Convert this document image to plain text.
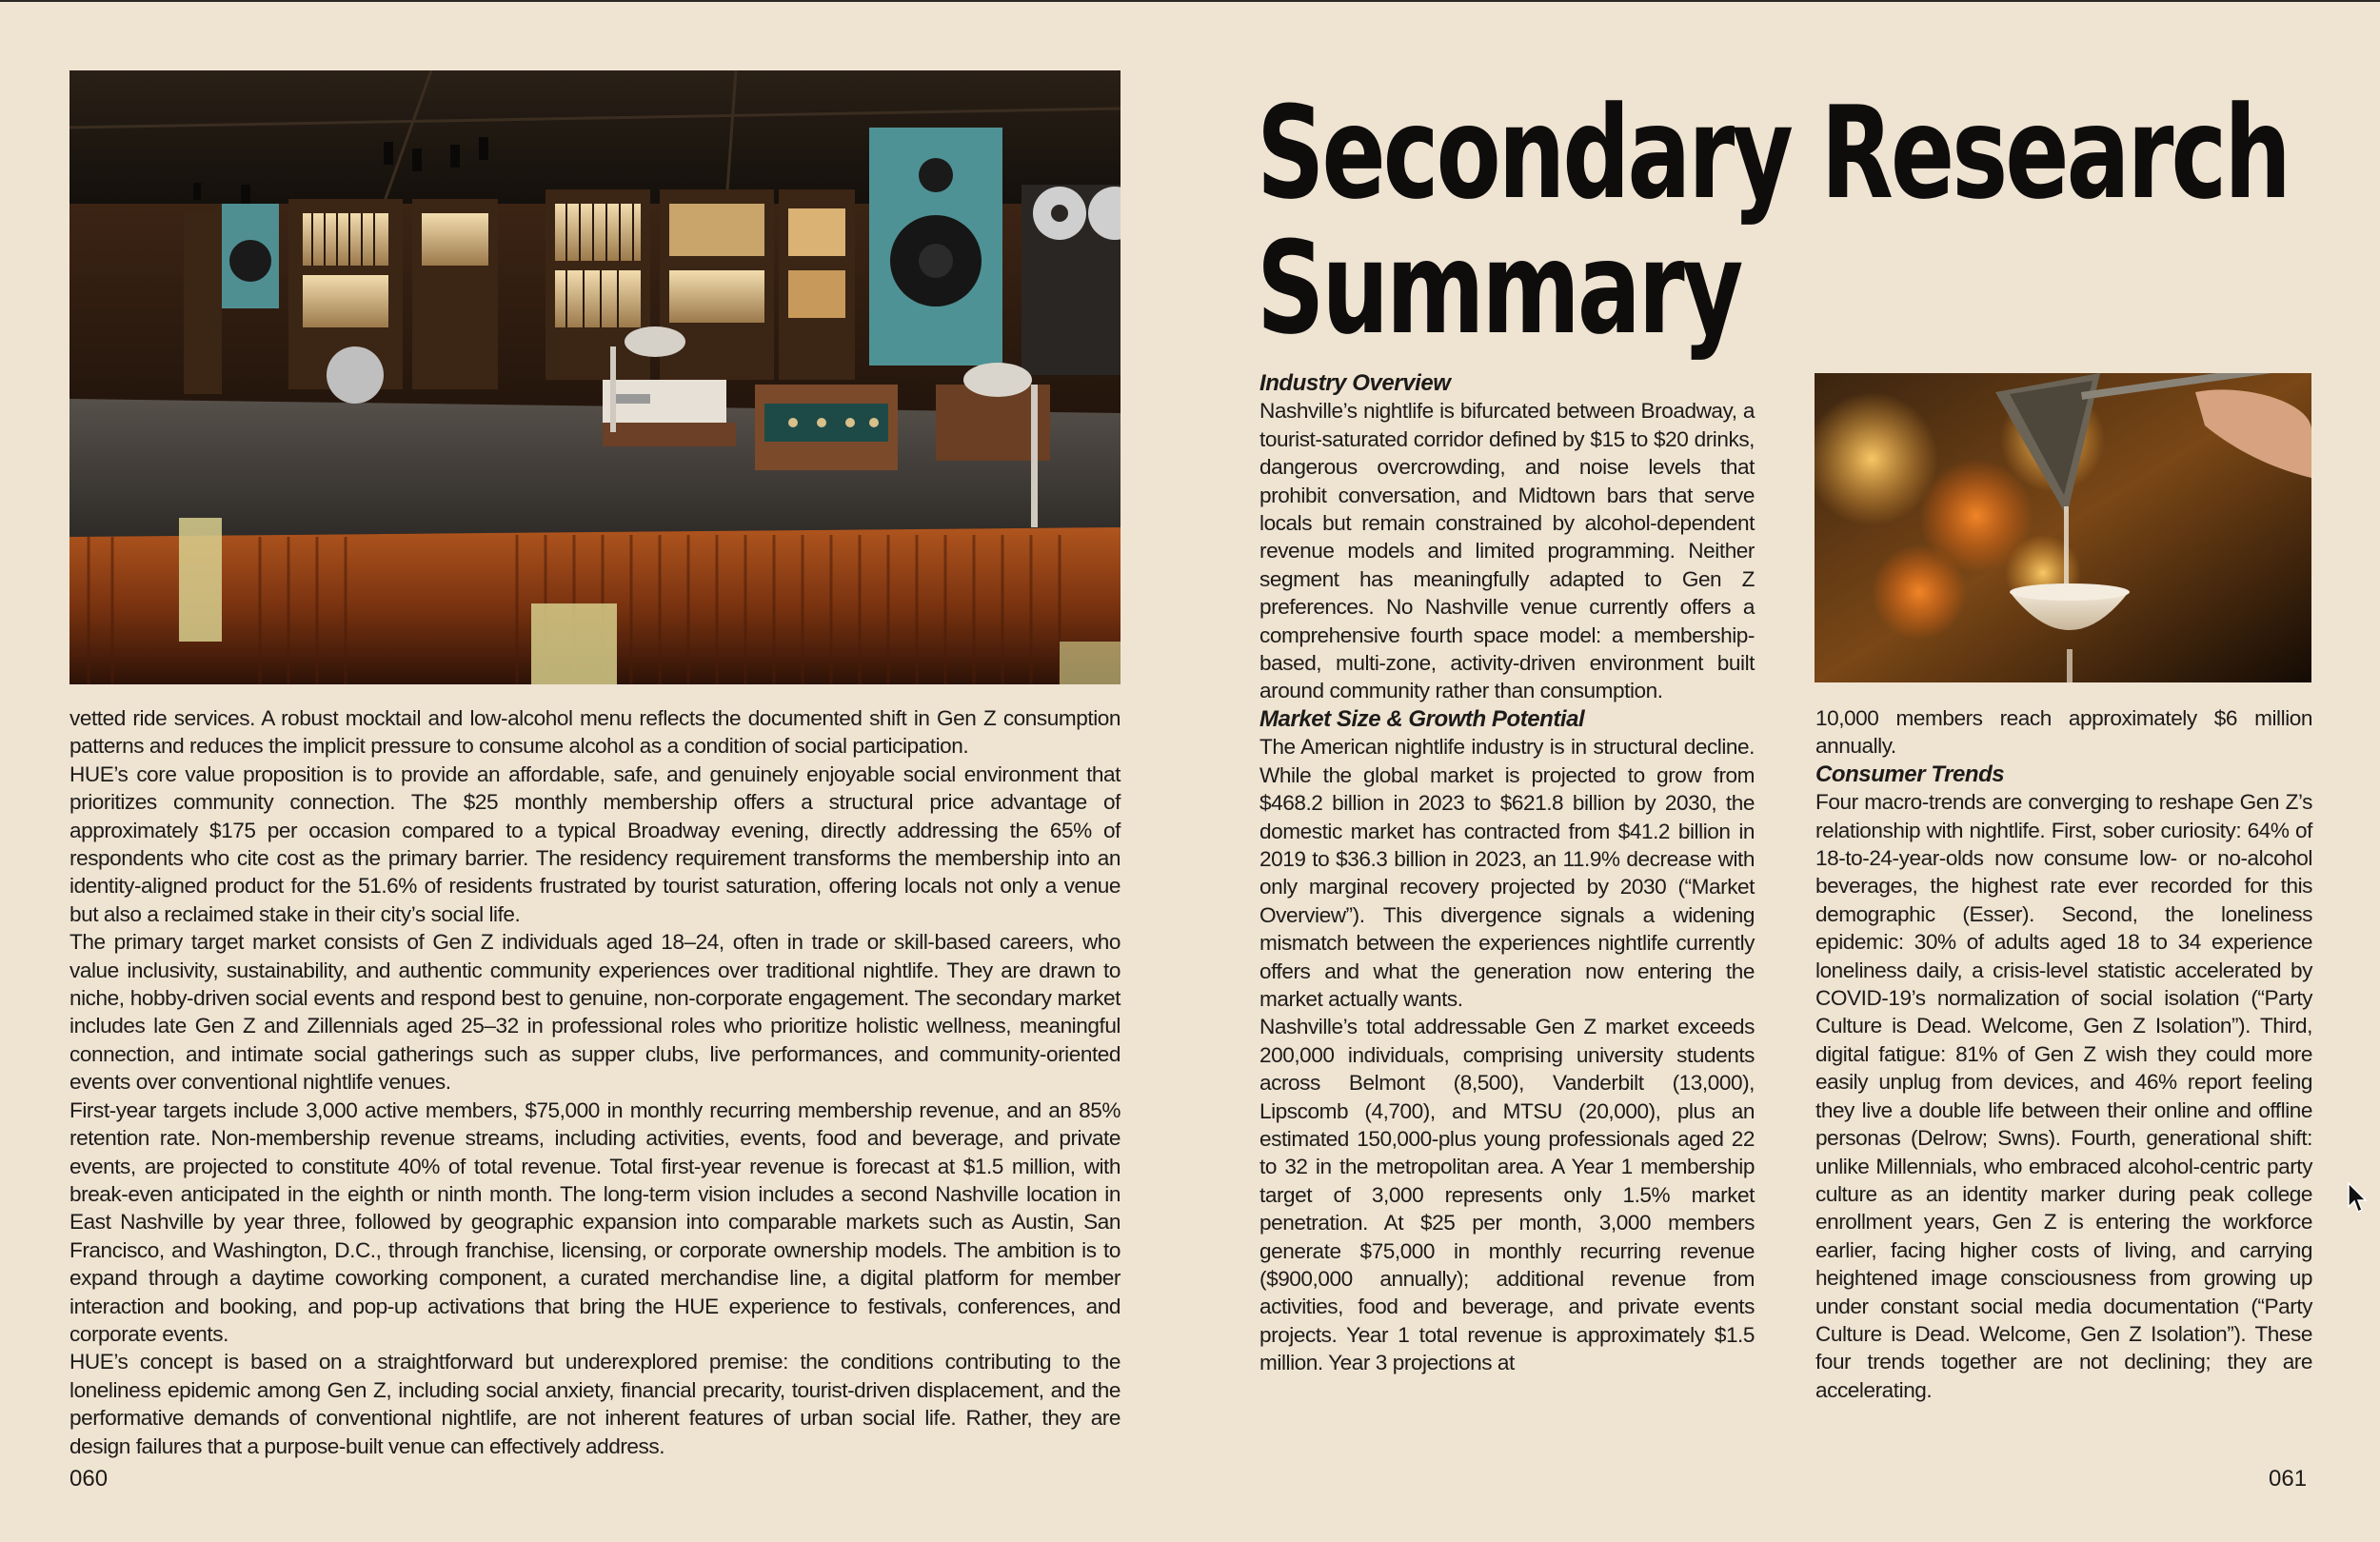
vetted ride services. A robust mocktail and low-alcohol menu reflects the documented shift in Gen Z consumption patterns and reduces the implicit pressure to consume alcohol as a condition of social participation.

HUE’s core value proposition is to provide an affordable, safe, and genuinely enjoyable social environment that prioritizes community connection. The $25 monthly membership offers a structural price advantage of approximately $175 per occasion compared to a typical Broadway evening, directly addressing the 65% of respondents who cite cost as the primary barrier. The residency requirement transforms the membership into an identity-aligned product for the 51.6% of residents frustrated by tourist saturation, offering locals not only a venue but also a reclaimed stake in their city’s social life.

The primary target market consists of Gen Z individuals aged 18–24, often in trade or skill-based careers, who value inclusivity, sustainability, and authentic community experiences over traditional nightlife. They are drawn to niche, hobby-driven social events and respond best to genuine, non-corporate engagement. The secondary market includes late Gen Z and Zillennials aged 25–32 in professional roles who prioritize holistic wellness, meaningful connection, and intimate social gatherings such as supper clubs, live performances, and community-oriented events over conventional nightlife venues.

First-year targets include 3,000 active members, $75,000 in monthly recurring membership revenue, and an 85% retention rate. Non-membership revenue streams, including activities, events, food and beverage, and private events, are projected to constitute 40% of total revenue. Total first-year revenue is forecast at $1.5 million, with break-even anticipated in the eighth or ninth month. The long-term vision includes a second Nashville location in East Nashville by year three, followed by geographic expansion into comparable markets such as Austin, San Francisco, and Washington, D.C., through franchise, licensing, or corporate ownership models. The ambition is to expand through a daytime coworking component, a curated merchandise line, a digital platform for member interaction and booking, and pop-up activations that bring the HUE experience to festivals, conferences, and corporate events.

HUE’s concept is based on a straightforward but underexplored premise: the conditions contributing to the loneliness epidemic among Gen Z, including social anxiety, financial precarity, tourist-driven displacement, and the performative demands of conventional nightlife, are not inherent features of urban social life. Rather, they are design failures that a purpose-built venue can effectively address.

060
Secondary Research
Summary
Industry Overview

Nashville’s nightlife is bifurcated between Broadway, a tourist-saturated corridor defined by $15 to $20 drinks, dangerous overcrowding, and noise levels that prohibit conversation, and Midtown bars that serve locals but remain constrained by alcohol-dependent revenue models and limited programming. Neither segment has meaningfully adapted to Gen Z preferences. No Nashville venue currently offers a comprehensive fourth space model: a membership-based, multi-zone, activity-driven environment built around community rather than consumption.

Market Size & Growth Potential

The American nightlife industry is in structural decline. While the global market is projected to grow from $468.2 billion in 2023 to $621.8 billion by 2030, the domestic market has contracted from $41.2 billion in 2019 to $36.3 billion in 2023, an 11.9% decrease with only marginal recovery projected by 2030 (“Market Overview”). This divergence signals a widening mismatch between the experiences nightlife currently offers and what the generation now entering the market actually wants.

Nashville’s total addressable Gen Z market exceeds 200,000 individuals, comprising university students across Belmont (8,500), Vanderbilt (13,000), Lipscomb (4,700), and MTSU (20,000), plus an estimated 150,000-plus young professionals aged 22 to 32 in the metropolitan area. A Year 1 membership target of 3,000 represents only 1.5% market penetration. At $25 per month, 3,000 members generate $75,000 in monthly recurring revenue ($900,000 annually); additional revenue from activities, food and beverage, and private events projects. Year 1 total revenue is approximately $1.5 million. Year 3 projections at

10,000 members reach approximately $6 million annually.

Consumer Trends

Four macro-trends are converging to reshape Gen Z’s relationship with nightlife. First, sober curiosity: 64% of 18-to-24-year-olds now consume low- or no-alcohol beverages, the highest rate ever recorded for this demographic (Esser). Second, the loneliness epidemic: 30% of adults aged 18 to 34 experience loneliness daily, a crisis-level statistic accelerated by COVID-19’s normalization of social isolation (“Party Culture is Dead. Welcome, Gen Z Isolation”). Third, digital fatigue: 81% of Gen Z wish they could more easily unplug from devices, and 46% report feeling they live a double life between their online and offline personas (Delrow; Swns). Fourth, generational shift: unlike Millennials, who embraced alcohol-centric party culture as an identity marker during peak college enrollment years, Gen Z is entering the workforce earlier, facing higher costs of living, and carrying heightened image consciousness from growing up under constant social media documentation (“Party Culture is Dead. Welcome, Gen Z Isolation”). These four trends together are not declining; they are accelerating.

061
